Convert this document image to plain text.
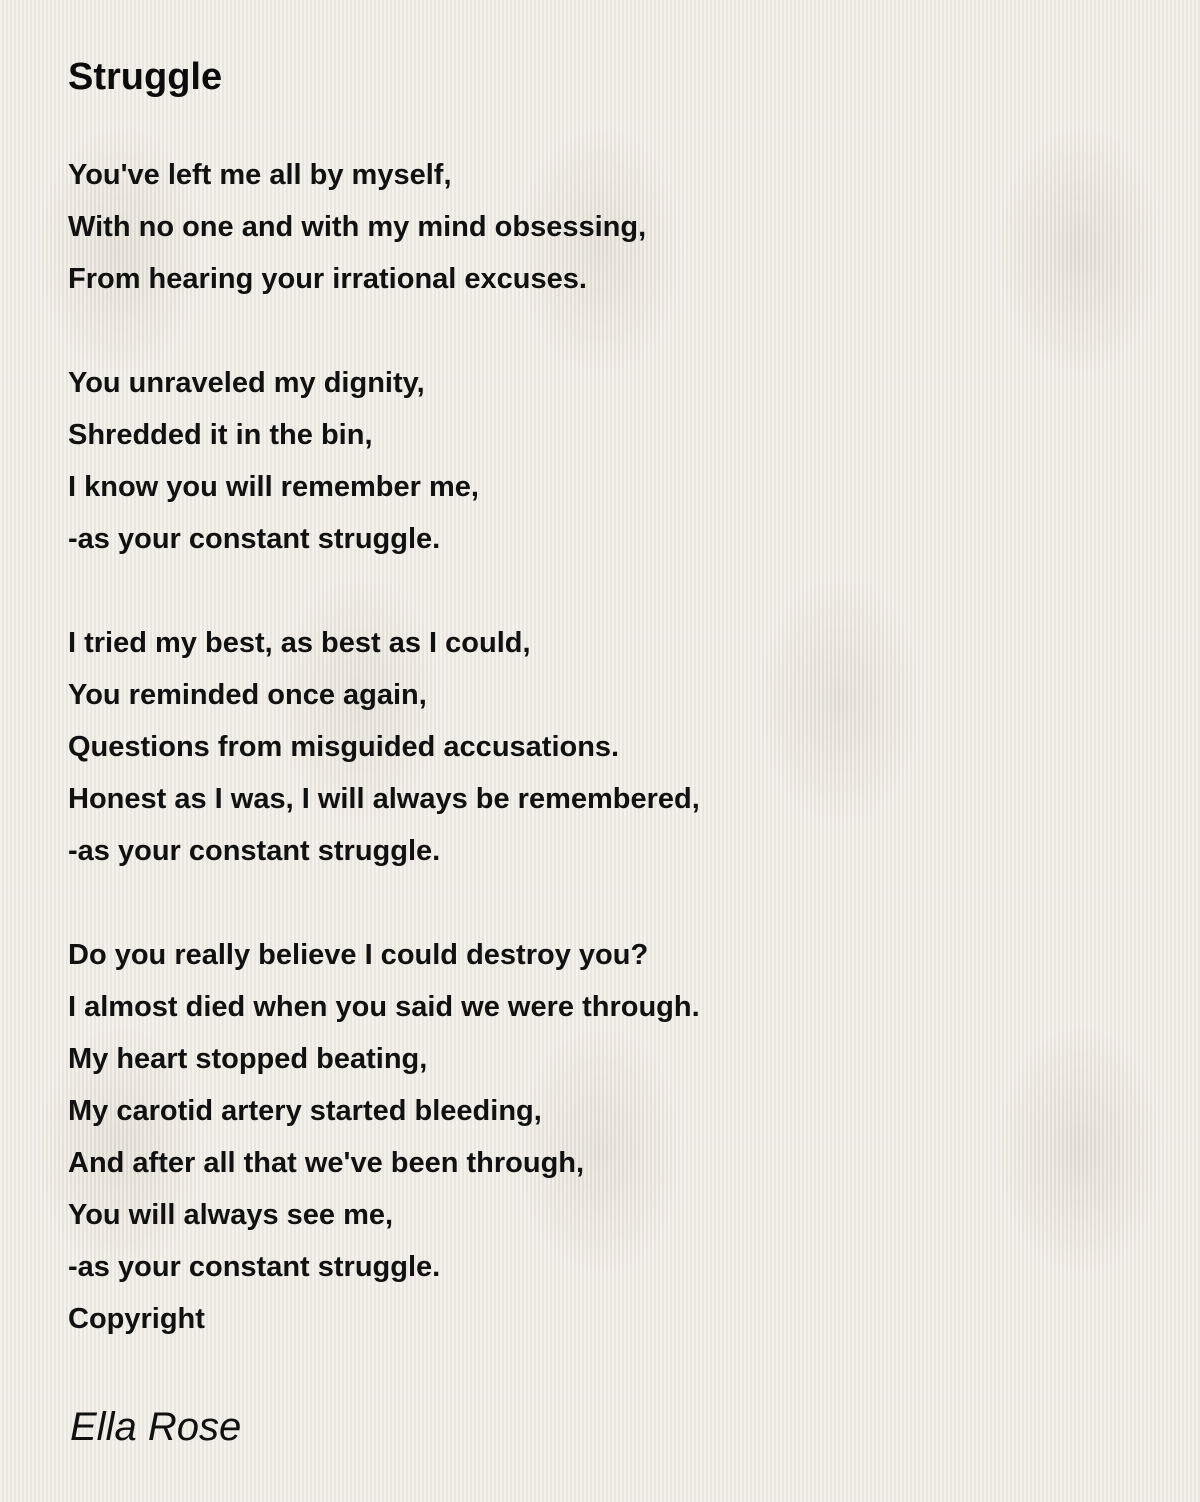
Struggle
You've left me all by myself,
With no one and with my mind obsessing,
From hearing your irrational excuses.
You unraveled my dignity,
Shredded it in the bin,
I know you will remember me,
-as your constant struggle.
I tried my best, as best as I could,
You reminded once again,
Questions from misguided accusations.
Honest as I was, I will always be remembered,
-as your constant struggle.
Do you really believe I could destroy you?
I almost died when you said we were through.
My heart stopped beating,
My carotid artery started bleeding,
And after all that we've been through,
You will always see me,
-as your constant struggle.
Copyright

Ella Rose
